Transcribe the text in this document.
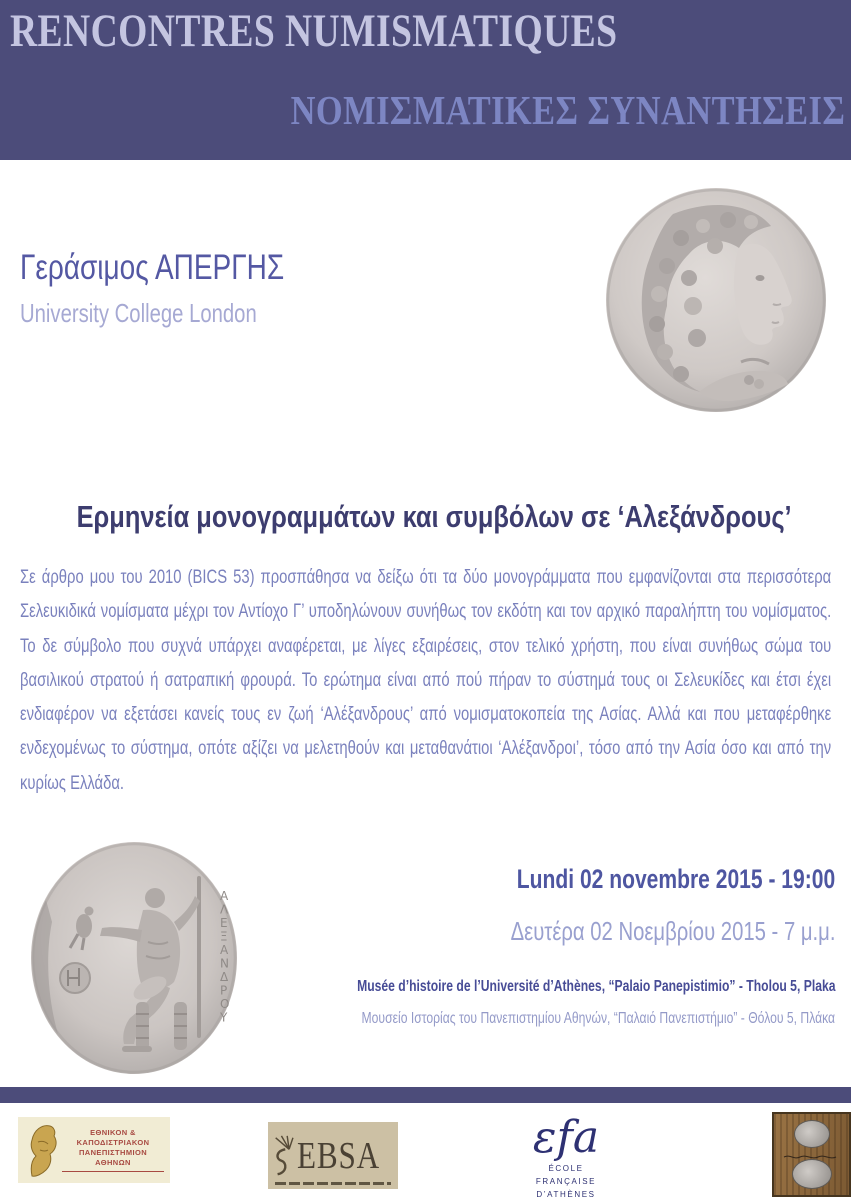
RENCONTRES NUMISMATIQUES
ΝΟΜΙΣΜΑΤΙΚΕΣ ΣΥΝΑΝΤΗΣΕΙΣ
Γεράσιμος ΑΠΕΡΓΗΣ
University College London
Ερμηνεία μονογραμμάτων και συμβόλων σε ‘Αλεξάνδρους’
Σε άρθρο μου του 2010 (BICS 53) προσπάθησα να δείξω ότι τα δύο μονογράμματα που εμφανίζονται στα περισσότερα Σελευκιδικά νομίσματα μέχρι τον Αντίοχο Γ’ υποδηλώνουν συνήθως τον εκδότη και τον αρχικό παραλήπτη του νομίσματος. Το δε σύμβολο που συχνά υπάρχει αναφέρεται, με λίγες εξαιρέσεις, στον τελικό χρήστη, που είναι συνήθως σώμα του βασιλικού στρατού ή σατραπική φρουρά. Το ερώτημα είναι από πού πήραν το σύστημά τους οι Σελευκίδες και έτσι έχει ενδιαφέρον να εξετάσει κανείς τους εν ζωή ‘Αλέξανδρους’ από νομισματοκοπεία της Ασίας. Αλλά και που μεταφέρθηκε ενδεχομένως το σύστημα, οπότε αξίζει να μελετηθούν και μεταθανάτιοι ‘Αλέξανδροι’, τόσο από την Ασία όσο και από την κυρίως Ελλάδα.
Α Λ Ε Ξ Α Ν Δ Ρ Ο Υ
Lundi 02 novembre 2015 - 19:00
Δευτέρα 02 Νοεμβρίου 2015 - 7 μ.μ.
Musée d’histoire de l’Université d’Athènes, “Palaio Panepistimio” - Tholou 5, Plaka
Μουσείο Ιστορίας του Πανεπιστημίου Αθηνών, “Παλαιό Πανεπιστήμιο” - Θόλου 5, Πλάκα
ΕΘΝΙΚΟΝ & ΚΑΠΟΔΙΣΤΡΙΑΚΟΝ
ΠΑΝΕΠΙΣΤΗΜΙΟΝ ΑΘΗΝΩΝ	EBSA	εfa
ÉCOLE
FRANÇAISE
D’ATHÈNES
